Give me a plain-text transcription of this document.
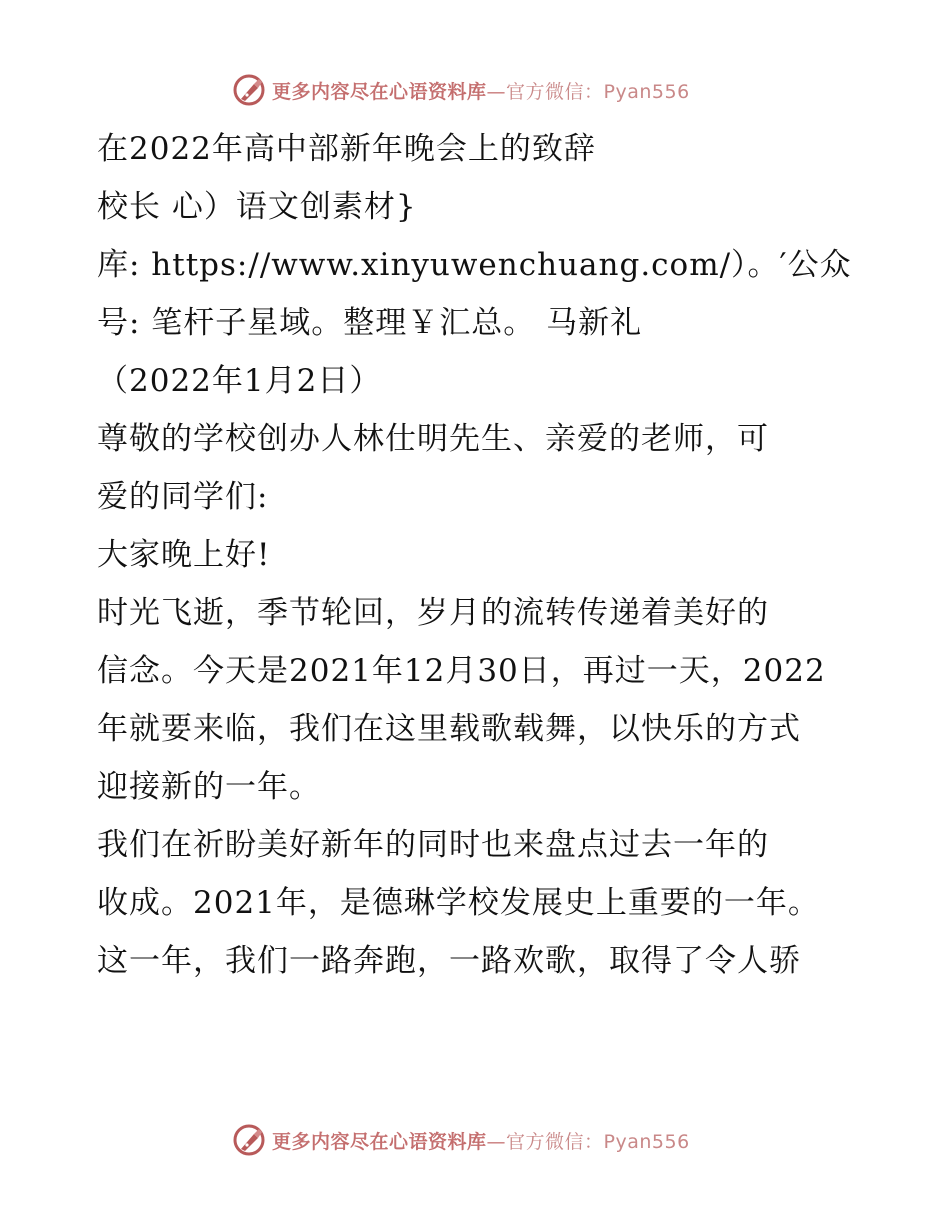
更多内容尽在心语资料库—官方微信：Pyan556
在2022年高中部新年晚会上的致辞
校长 心）语文创素材}
库: https://www.xinyuwenchuang.com/）。′公众
号: 笔杆子星域。整理￥汇总。 马新礼
（2022年1月2日）
尊敬的学校创办人林仕明先生、亲爱的老师，可
爱的同学们:
大家晚上好!
时光飞逝，季节轮回，岁月的流转传递着美好的
信念。今天是2021年12月30日，再过一天，2022
年就要来临，我们在这里载歌载舞，以快乐的方式
迎接新的一年。
我们在祈盼美好新年的同时也来盘点过去一年的
收成。2021年，是德琳学校发展史上重要的一年。
这一年，我们一路奔跑，一路欢歌，取得了令人骄
更多内容尽在心语资料库—官方微信：Pyan556
